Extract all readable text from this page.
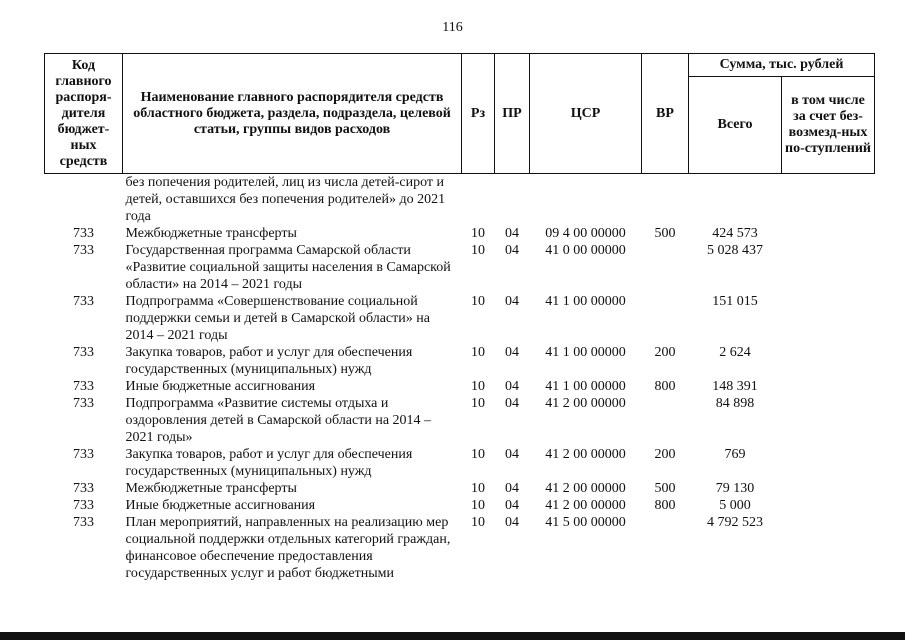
116
Код главного распоря-дителя бюджет-ных средств	Наименование главного распорядителя средств областного бюджета, раздела, подраздела, целевой статьи, группы видов расходов	Рз	ПР	ЦСР	ВР	Сумма, тыс. рублей	
						Всего	в том числе за счет без-возмезд-ных по-ступлений
	без попечения родителей, лиц из числа детей-сирот и детей, оставшихся без попечения родителей» до 2021 года						
733	Межбюджетные трансферты	10	04	09 4 00 00000	500	424 573	
733	Государственная программа Самарской области «Развитие социальной защиты населения в Самарской области» на 2014 – 2021 годы	10	04	41 0 00 00000		5 028 437	
733	Подпрограмма «Совершенствование социальной поддержки семьи и детей в Самарской области» на 2014 – 2021 годы	10	04	41 1 00 00000		151 015	
733	Закупка товаров, работ и услуг для обеспечения государственных (муниципальных) нужд	10	04	41 1 00 00000	200	2 624	
733	Иные бюджетные ассигнования	10	04	41 1 00 00000	800	148 391	
733	Подпрограмма «Развитие системы отдыха и оздоровления детей в Самарской области на 2014 – 2021 годы»	10	04	41 2 00 00000		84 898	
733	Закупка товаров, работ и услуг для обеспечения государственных (муниципальных) нужд	10	04	41 2 00 00000	200	769	
733	Межбюджетные трансферты	10	04	41 2 00 00000	500	79 130	
733	Иные бюджетные ассигнования	10	04	41 2 00 00000	800	5 000	
733	План мероприятий, направленных на реализацию мер социальной поддержки отдельных категорий граждан, финансовое обеспечение предоставления государственных услуг и работ бюджетными	10	04	41 5 00 00000		4 792 523	
